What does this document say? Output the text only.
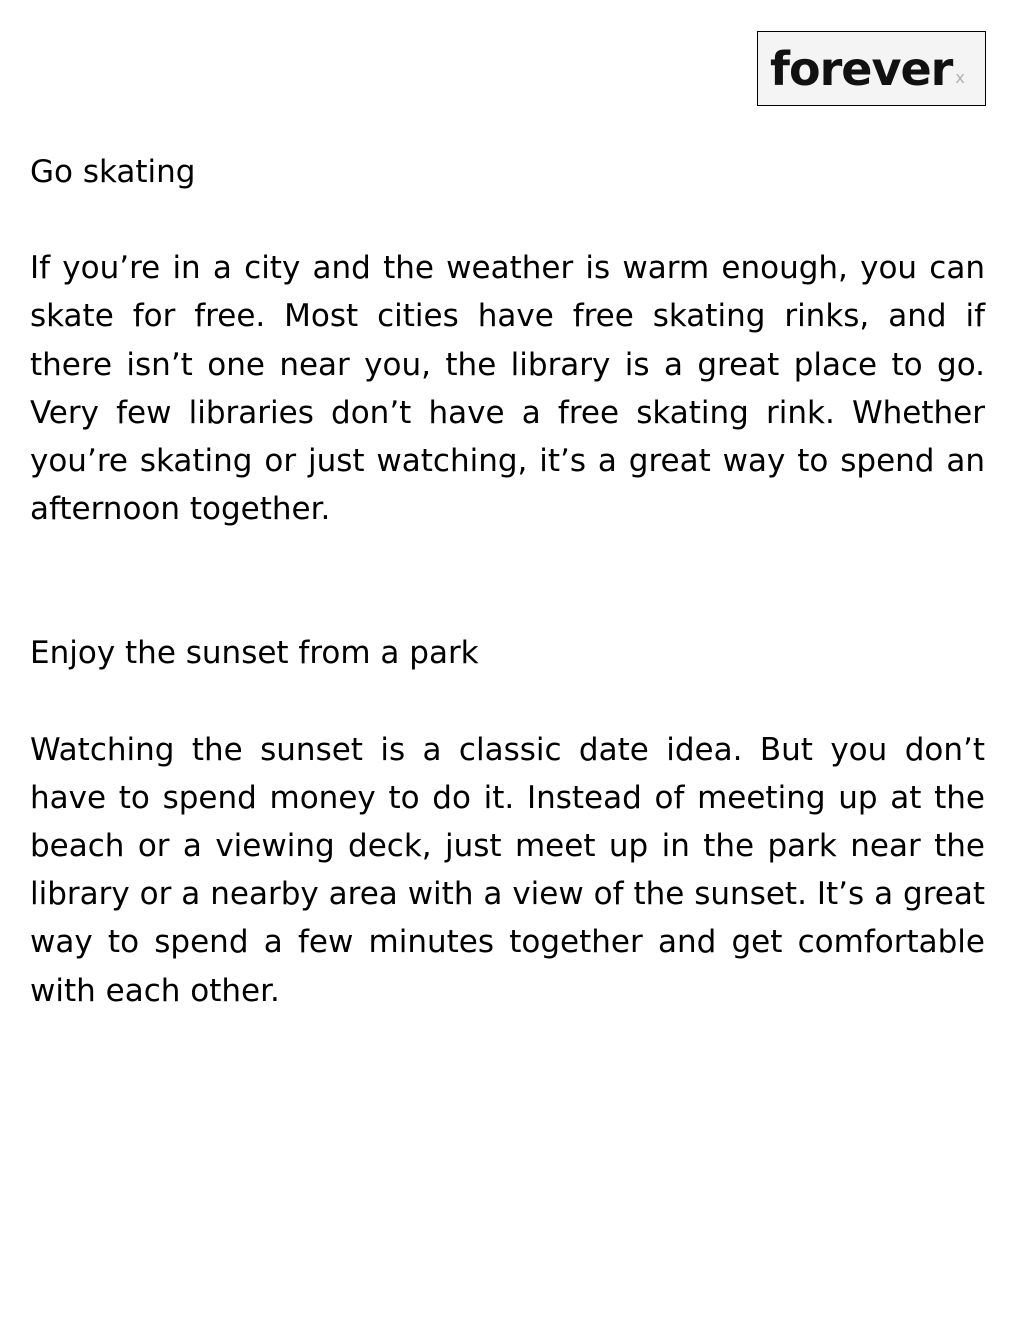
forever x
Go skating

If you’re in a city and the weather is warm enough, you can skate for free. Most cities have free skating rinks, and if there isn’t one near you, the library is a great place to go. Very few libraries don’t have a free skating rink. Whether you’re skating or just watching, it’s a great way to spend an afternoon together.

Enjoy the sunset from a park

Watching the sunset is a classic date idea. But you don’t have to spend money to do it. Instead of meeting up at the beach or a viewing deck, just meet up in the park near the library or a nearby area with a view of the sunset. It’s a great way to spend a few minutes together and get comfortable with each other.
